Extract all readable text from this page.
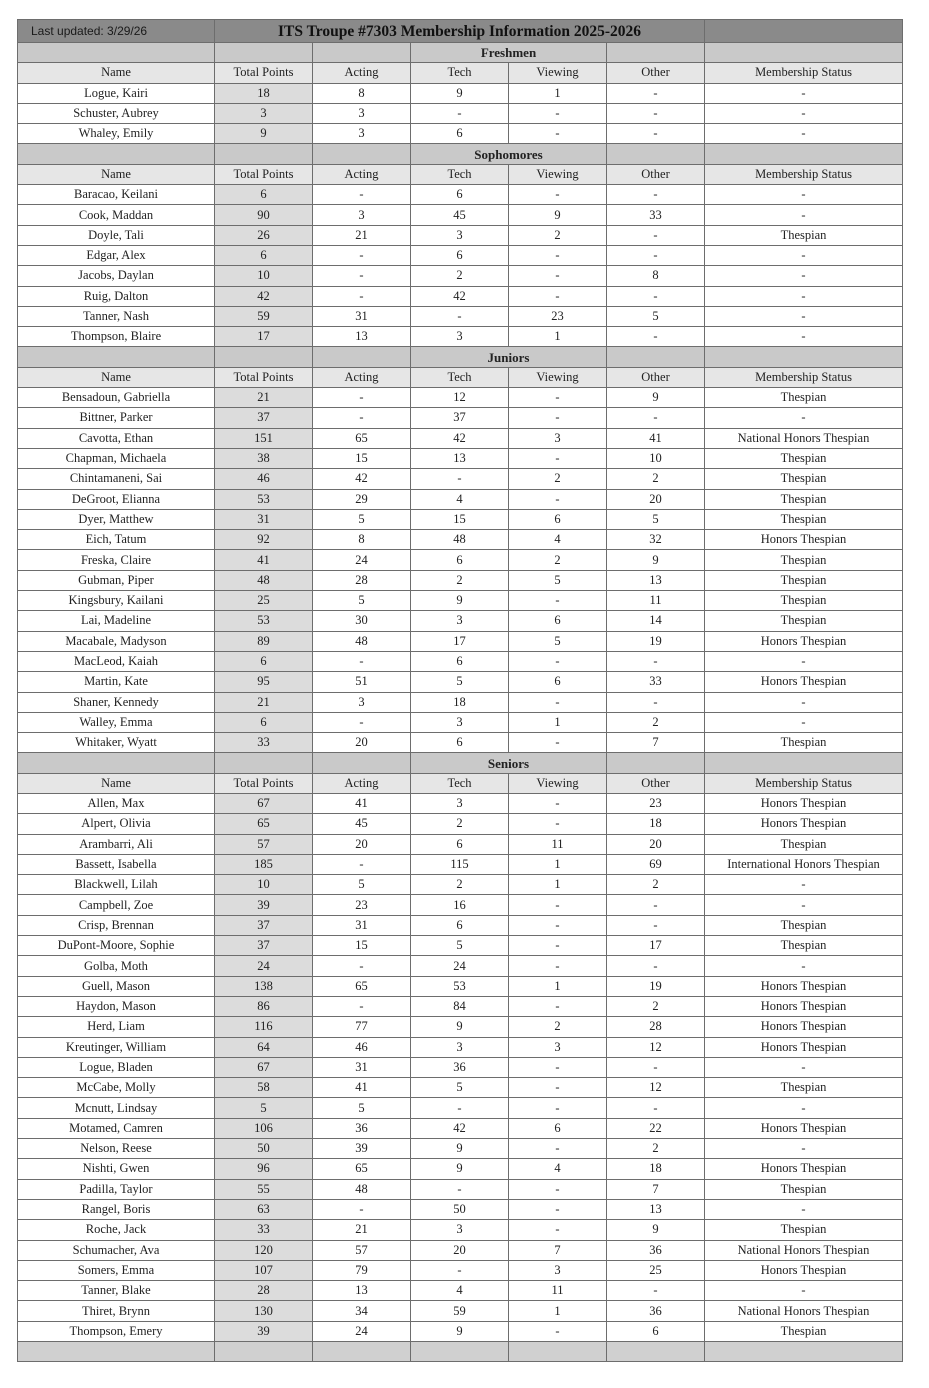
Last updated: 3/29/26	ITS Troupe #7303 Membership Information 2025-2026					
			Freshmen			
Name	Total Points	Acting	Tech	Viewing	Other	Membership Status
Logue, Kairi	18	8	9	1	-	-
Schuster, Aubrey	3	3	-	-	-	-
Whaley, Emily	9	3	6	-	-	-
			Sophomores			
Name	Total Points	Acting	Tech	Viewing	Other	Membership Status
Baracao, Keilani	6	-	6	-	-	-
Cook, Maddan	90	3	45	9	33	-
Doyle, Tali	26	21	3	2	-	Thespian
Edgar, Alex	6	-	6	-	-	-
Jacobs, Daylan	10	-	2	-	8	-
Ruig, Dalton	42	-	42	-	-	-
Tanner, Nash	59	31	-	23	5	-
Thompson, Blaire	17	13	3	1	-	-
			Juniors			
Name	Total Points	Acting	Tech	Viewing	Other	Membership Status
Bensadoun, Gabriella	21	-	12	-	9	Thespian
Bittner, Parker	37	-	37	-	-	-
Cavotta, Ethan	151	65	42	3	41	National Honors Thespian
Chapman, Michaela	38	15	13	-	10	Thespian
Chintamaneni, Sai	46	42	-	2	2	Thespian
DeGroot, Elianna	53	29	4	-	20	Thespian
Dyer, Matthew	31	5	15	6	5	Thespian
Eich, Tatum	92	8	48	4	32	Honors Thespian
Freska, Claire	41	24	6	2	9	Thespian
Gubman, Piper	48	28	2	5	13	Thespian
Kingsbury, Kailani	25	5	9	-	11	Thespian
Lai, Madeline	53	30	3	6	14	Thespian
Macabale, Madyson	89	48	17	5	19	Honors Thespian
MacLeod, Kaiah	6	-	6	-	-	-
Martin, Kate	95	51	5	6	33	Honors Thespian
Shaner, Kennedy	21	3	18	-	-	-
Walley, Emma	6	-	3	1	2	-
Whitaker, Wyatt	33	20	6	-	7	Thespian
			Seniors			
Name	Total Points	Acting	Tech	Viewing	Other	Membership Status
Allen, Max	67	41	3	-	23	Honors Thespian
Alpert, Olivia	65	45	2	-	18	Honors Thespian
Arambarri, Ali	57	20	6	11	20	Thespian
Bassett, Isabella	185	-	115	1	69	International Honors Thespian
Blackwell, Lilah	10	5	2	1	2	-
Campbell, Zoe	39	23	16	-	-	-
Crisp, Brennan	37	31	6	-	-	Thespian
DuPont-Moore, Sophie	37	15	5	-	17	Thespian
Golba, Moth	24	-	24	-	-	-
Guell, Mason	138	65	53	1	19	Honors Thespian
Haydon, Mason	86	-	84	-	2	Honors Thespian
Herd, Liam	116	77	9	2	28	Honors Thespian
Kreutinger, William	64	46	3	3	12	Honors Thespian
Logue, Bladen	67	31	36	-	-	-
McCabe, Molly	58	41	5	-	12	Thespian
Mcnutt, Lindsay	5	5	-	-	-	-
Motamed, Camren	106	36	42	6	22	Honors Thespian
Nelson, Reese	50	39	9	-	2	-
Nishti, Gwen	96	65	9	4	18	Honors Thespian
Padilla, Taylor	55	48	-	-	7	Thespian
Rangel, Boris	63	-	50	-	13	-
Roche, Jack	33	21	3	-	9	Thespian
Schumacher, Ava	120	57	20	7	36	National Honors Thespian
Somers, Emma	107	79	-	3	25	Honors Thespian
Tanner, Blake	28	13	4	11	-	-
Thiret, Brynn	130	34	59	1	36	National Honors Thespian
Thompson, Emery	39	24	9	-	6	Thespian
